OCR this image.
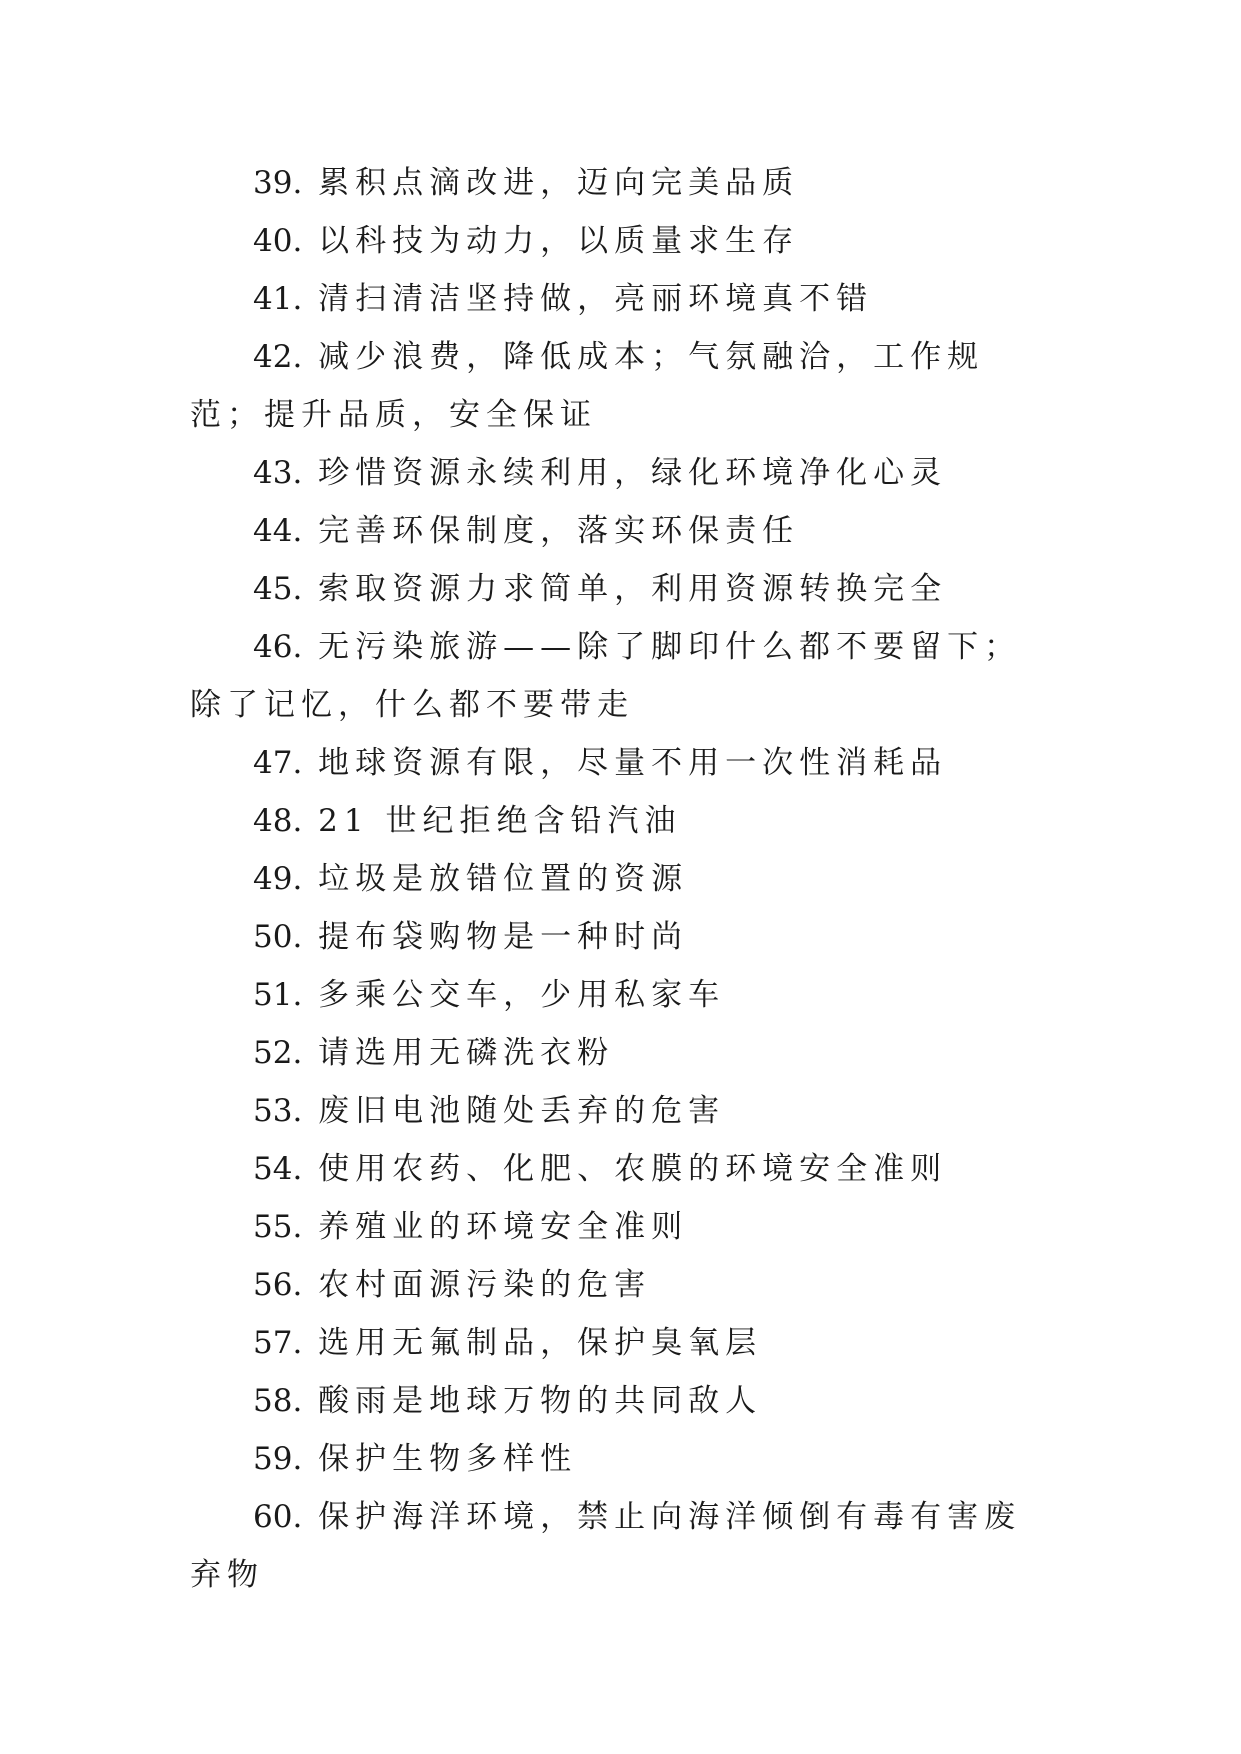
39. 累积点滴改进，迈向完美品质

40. 以科技为动力，以质量求生存

41. 清扫清洁坚持做，亮丽环境真不错

42. 减少浪费，降低成本；气氛融洽，工作规范；提升品质，安全保证

43. 珍惜资源永续利用，绿化环境净化心灵

44. 完善环保制度，落实环保责任

45. 索取资源力求简单，利用资源转换完全

46. 无污染旅游——除了脚印什么都不要留下；除了记忆，什么都不要带走

47. 地球资源有限，尽量不用一次性消耗品

48. 21 世纪拒绝含铅汽油

49. 垃圾是放错位置的资源

50. 提布袋购物是一种时尚

51. 多乘公交车，少用私家车

52. 请选用无磷洗衣粉

53. 废旧电池随处丢弃的危害

54. 使用农药、化肥、农膜的环境安全准则

55. 养殖业的环境安全准则

56. 农村面源污染的危害

57. 选用无氟制品，保护臭氧层

58. 酸雨是地球万物的共同敌人

59. 保护生物多样性

60. 保护海洋环境，禁止向海洋倾倒有毒有害废弃物
